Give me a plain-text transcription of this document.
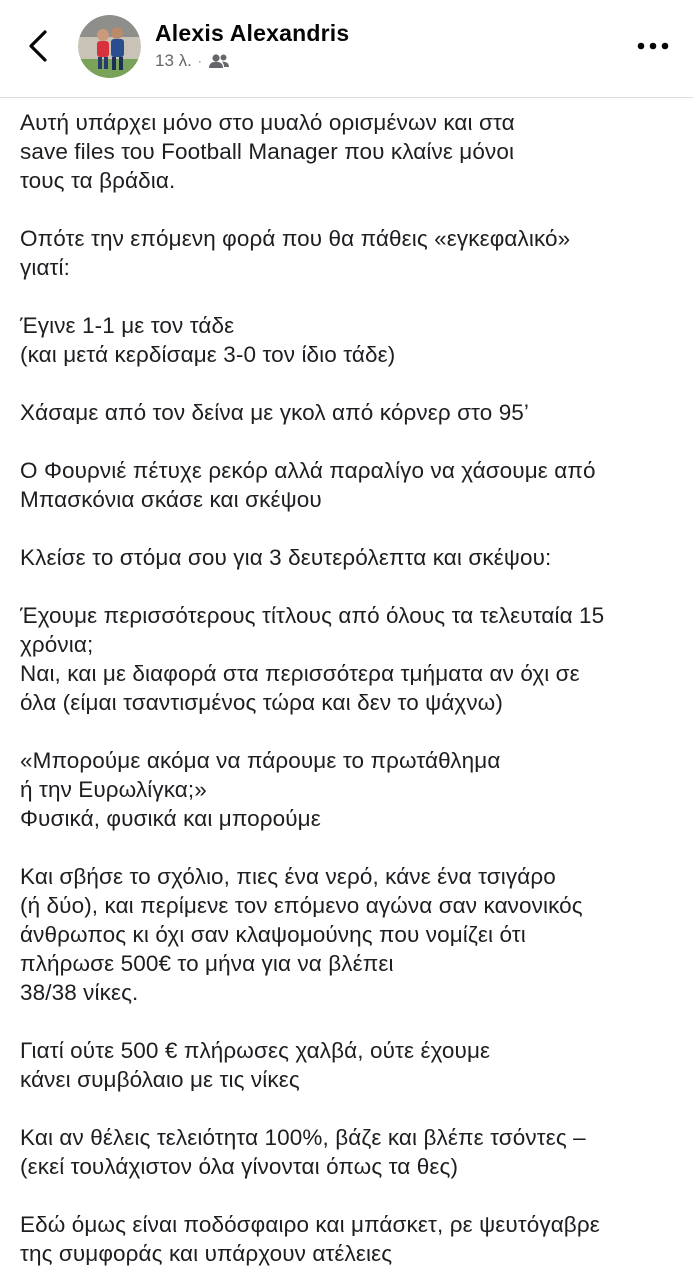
Alexis Alexandris
13 λ. ·

Αυτή υπάρχει μόνο στο μυαλό ορισμένων και στα
save files του Football Manager που κλαίνε μόνοι
τους τα βράδια.

Οπότε την επόμενη φορά που θα πάθεις «εγκεφαλικό»
γιατί:

Έγινε 1-1 με τον τάδε
(και μετά κερδίσαμε 3-0 τον ίδιο τάδε)

Χάσαμε από τον δείνα με γκολ από κόρνερ στο 95’

Ο Φουρνιέ πέτυχε ρεκόρ αλλά παραλίγο να χάσουμε από
Μπασκόνια σκάσε και σκέψου

Κλείσε το στόμα σου για 3 δευτερόλεπτα και σκέψου:

Έχουμε περισσότερους τίτλους από όλους τα τελευταία 15
χρόνια;
Ναι, και με διαφορά στα περισσότερα τμήματα αν όχι σε
όλα (είμαι τσαντισμένος τώρα και δεν το ψάχνω)

«Μπορούμε ακόμα να πάρουμε το πρωτάθλημα
ή την Ευρωλίγκα;»
Φυσικά, φυσικά και μπορούμε

Και σβήσε το σχόλιο, πιες ένα νερό, κάνε ένα τσιγάρο
(ή δύο), και περίμενε τον επόμενο αγώνα σαν κανονικός
άνθρωπος κι όχι σαν κλαψομούνης που νομίζει ότι
πλήρωσε 500€ το μήνα για να βλέπει
38/38 νίκες.

Γιατί ούτε 500 € πλήρωσες χαλβά, ούτε έχουμε
κάνει συμβόλαιο με τις νίκες

Και αν θέλεις τελειότητα 100%, βάζε και βλέπε τσόντες –
(εκεί τουλάχιστον όλα γίνονται όπως τα θες)

Εδώ όμως είναι ποδόσφαιρο και μπάσκετ, ρε ψευτόγαβρε
της συμφοράς και υπάρχουν ατέλειες
